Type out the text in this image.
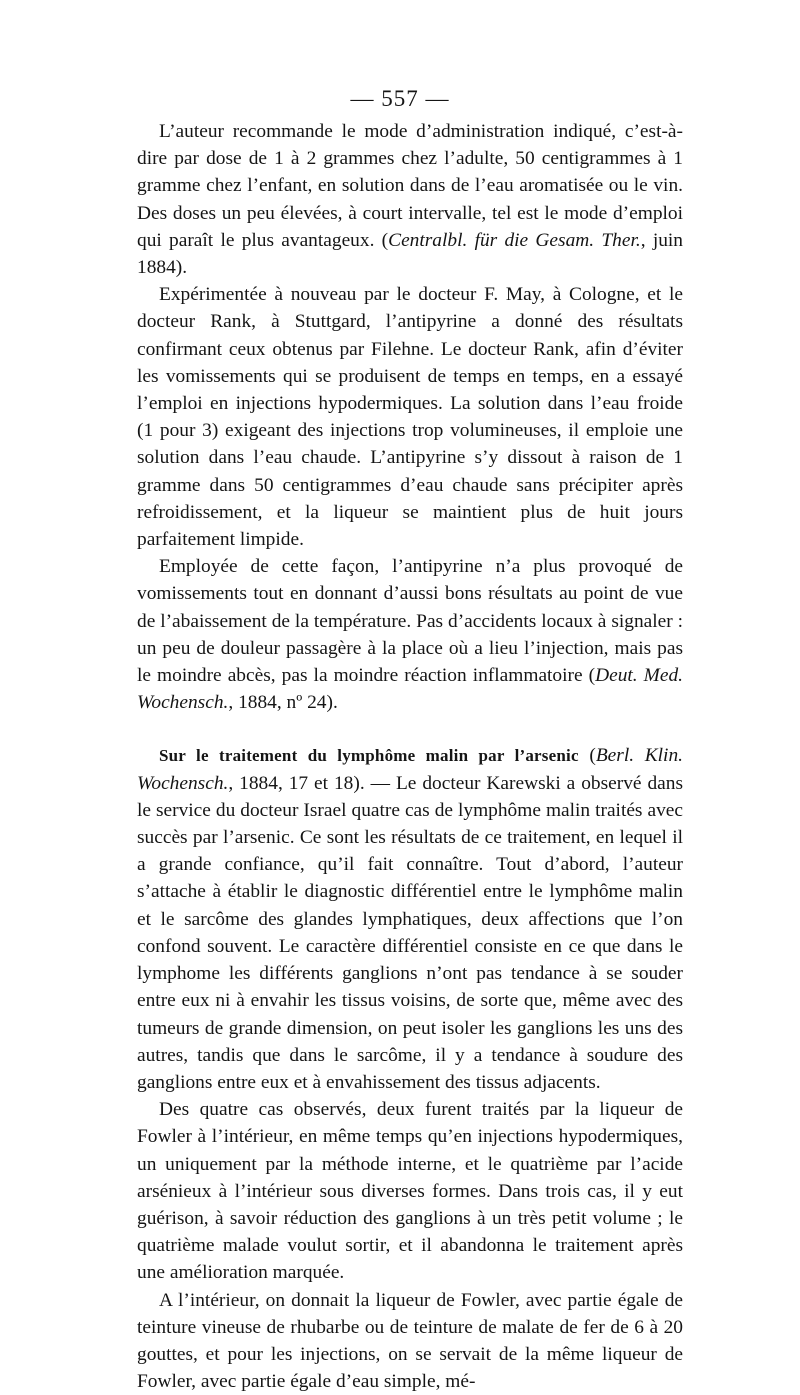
— 557 —

L’auteur recommande le mode d’administration indiqué, c’est-à-dire par dose de 1 à 2 grammes chez l’adulte, 50 centigrammes à 1 gramme chez l’enfant, en solution dans de l’eau aromatisée ou le vin. Des doses un peu élevées, à court intervalle, tel est le mode d’emploi qui paraît le plus avantageux. (Centralbl. für die Gesam. Ther., juin 1884).

Expérimentée à nouveau par le docteur F. May, à Cologne, et le docteur Rank, à Stuttgard, l’antipyrine a donné des résultats confirmant ceux obtenus par Filehne. Le docteur Rank, afin d’éviter les vomissements qui se produisent de temps en temps, en a essayé l’emploi en injections hypodermiques. La solution dans l’eau froide (1 pour 3) exigeant des injections trop volumineuses, il emploie une solution dans l’eau chaude. L’antipyrine s’y dissout à raison de 1 gramme dans 50 centigrammes d’eau chaude sans précipiter après refroidissement, et la liqueur se maintient plus de huit jours parfaitement limpide.

Employée de cette façon, l’antipyrine n’a plus provoqué de vomissements tout en donnant d’aussi bons résultats au point de vue de l’abaissement de la température. Pas d’accidents locaux à signaler : un peu de douleur passagère à la place où a lieu l’injection, mais pas le moindre abcès, pas la moindre réaction inflammatoire (Deut. Med. Wochensch., 1884, nº 24).

Sur le traitement du lymphôme malin par l’arsenic (Berl. Klin. Wochensch., 1884, 17 et 18). — Le docteur Karewski a observé dans le service du docteur Israel quatre cas de lymphôme malin traités avec succès par l’arsenic. Ce sont les résultats de ce traitement, en lequel il a grande confiance, qu’il fait connaître. Tout d’abord, l’auteur s’attache à établir le diagnostic différentiel entre le lymphôme malin et le sarcôme des glandes lymphatiques, deux affections que l’on confond souvent. Le caractère différentiel consiste en ce que dans le lymphome les différents ganglions n’ont pas tendance à se souder entre eux ni à envahir les tissus voisins, de sorte que, même avec des tumeurs de grande dimension, on peut isoler les ganglions les uns des autres, tandis que dans le sarcôme, il y a tendance à soudure des ganglions entre eux et à envahissement des tissus adjacents.

Des quatre cas observés, deux furent traités par la liqueur de Fowler à l’intérieur, en même temps qu’en injections hypodermiques, un uniquement par la méthode interne, et le quatrième par l’acide arsénieux à l’intérieur sous diverses formes. Dans trois cas, il y eut guérison, à savoir réduction des ganglions à un très petit volume ; le quatrième malade voulut sortir, et il abandonna le traitement après une amélioration marquée.

A l’intérieur, on donnait la liqueur de Fowler, avec partie égale de teinture vineuse de rhubarbe ou de teinture de malate de fer de 6 à 20 gouttes, et pour les injections, on se servait de la même liqueur de Fowler, avec partie égale d’eau simple, mé-
